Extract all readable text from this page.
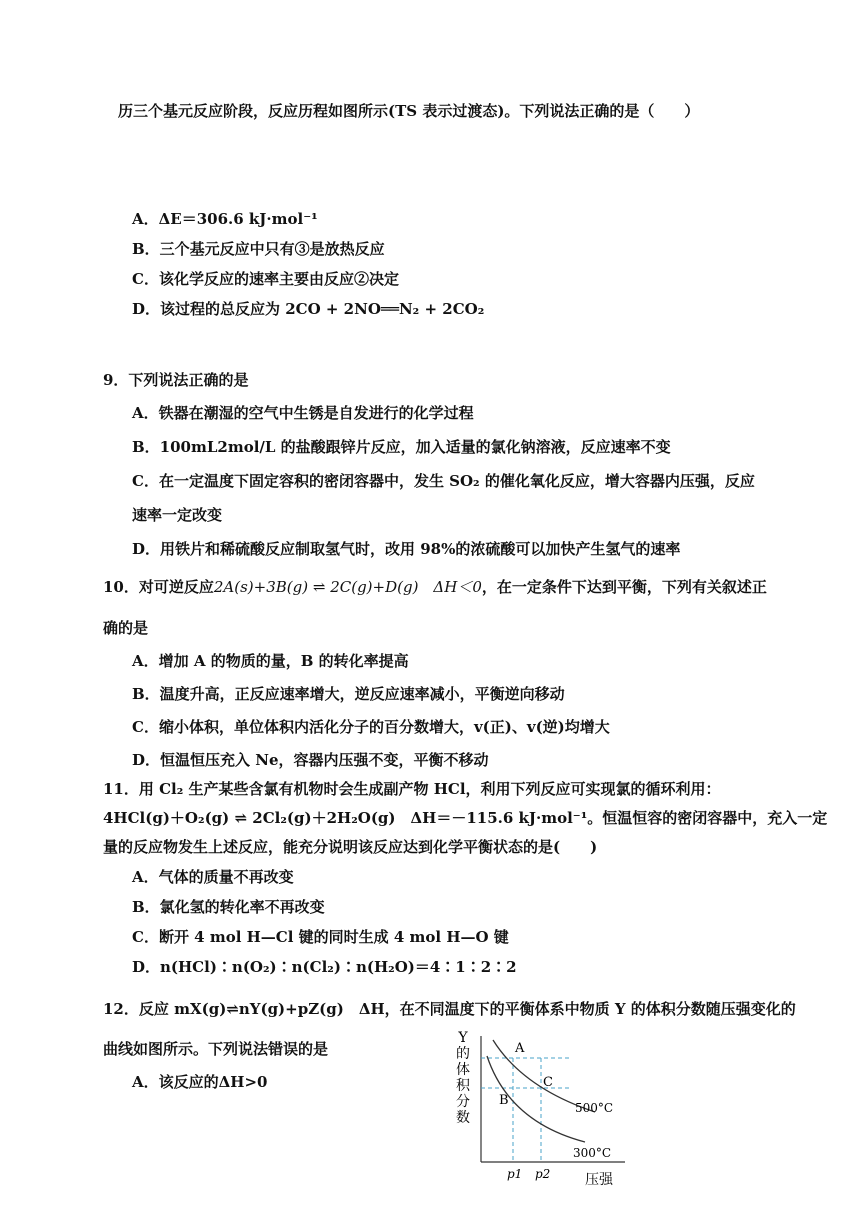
历三个基元反应阶段，反应历程如图所示(TS 表示过渡态)。下列说法正确的是（　　）
A．ΔE＝306.6 kJ·mol⁻¹
B．三个基元反应中只有③是放热反应
C．该化学反应的速率主要由反应②决定
D．该过程的总反应为 2CO + 2NO══N₂ + 2CO₂
9．下列说法正确的是
A．铁器在潮湿的空气中生锈是自发进行的化学过程
B．100mL2mol/L 的盐酸跟锌片反应，加入适量的氯化钠溶液，反应速率不变
C．在一定温度下固定容积的密闭容器中，发生 SO₂ 的催化氧化反应，增大容器内压强，反应
速率一定改变
D．用铁片和稀硫酸反应制取氢气时，改用 98%的浓硫酸可以加快产生氢气的速率
10．对可逆反应2A(s)+3B(g) ⇌ 2C(g)+D(g)　ΔH＜0，在一定条件下达到平衡，下列有关叙述正
确的是
A．增加 A 的物质的量，B 的转化率提高
B．温度升高，正反应速率增大，逆反应速率减小，平衡逆向移动
C．缩小体积，单位体积内活化分子的百分数增大，v(正)、v(逆)均增大
D．恒温恒压充入 Ne，容器内压强不变，平衡不移动
11．用 Cl₂ 生产某些含氯有机物时会生成副产物 HCl，利用下列反应可实现氯的循环利用：
4HCl(g)＋O₂(g) ⇌ 2Cl₂(g)＋2H₂O(g)　ΔH＝－115.6 kJ·mol⁻¹。恒温恒容的密闭容器中，充入一定
量的反应物发生上述反应，能充分说明该反应达到化学平衡状态的是(　　)
A．气体的质量不再改变
B．氯化氢的转化率不再改变
C．断开 4 mol H—Cl 键的同时生成 4 mol H—O 键
D．n(HCl)∶n(O₂)∶n(Cl₂)∶n(H₂O)＝4∶1∶2∶2
12．反应 mX(g)⇌nY(g)+pZ(g)　ΔH，在不同温度下的平衡体系中物质 Y 的体积分数随压强变化的
曲线如图所示。下列说法错误的是
A．该反应的ΔH>0
Y
的
体
积
分
数
A
B
C
500°C
300°C
p1 p2 压强
